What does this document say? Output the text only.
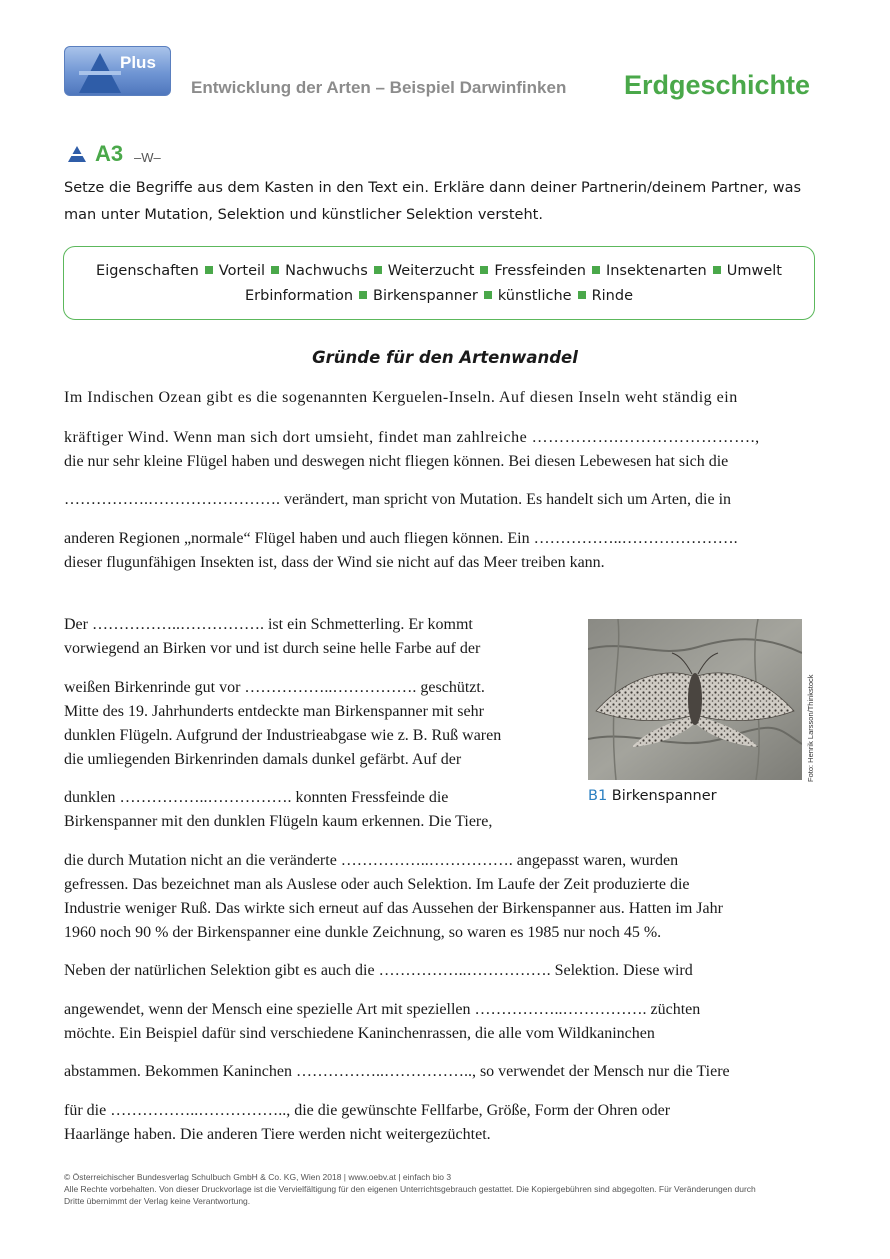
Plus
Entwicklung der Arten – Beispiel Darwinfinken Erdgeschichte
A3 –W–
Setze die Begriffe aus dem Kasten in den Text ein. Erkläre dann deiner Partnerin/deinem Partner, was
man unter Mutation, Selektion und künstlicher Selektion versteht.
Eigenschaften Vorteil Nachwuchs Weiterzucht Fressfeinden Insektenarten Umwelt
Erbinformation Birkenspanner künstliche Rinde
Gründe für den Artenwandel
Im Indischen Ozean gibt es die sogenannten Kerguelen-Inseln. Auf diesen Inseln weht ständig ein
kräftiger Wind. Wenn man sich dort umsieht, findet man zahlreiche …………….…………………….,
die nur sehr kleine Flügel haben und deswegen nicht fliegen können. Bei diesen Lebewesen hat sich die
…………….……………………. verändert, man spricht von Mutation. Es handelt sich um Arten, die in
anderen Regionen „normale“ Flügel haben und auch fliegen können. Ein ……………..………………….
dieser flugunfähigen Insekten ist, dass der Wind sie nicht auf das Meer treiben kann.
Der ……………..……………. ist ein Schmetterling. Er kommt
vorwiegend an Birken vor und ist durch seine helle Farbe auf der
weißen Birkenrinde gut vor ……………..……………. geschützt.
Mitte des 19. Jahrhunderts entdeckte man Birkenspanner mit sehr
dunklen Flügeln. Aufgrund der Industrieabgase wie z. B. Ruß waren
die umliegenden Birkenrinden damals dunkel gefärbt. Auf der
dunklen ……………..……………. konnten Fressfeinde die
Birkenspanner mit den dunklen Flügeln kaum erkennen. Die Tiere,
die durch Mutation nicht an die veränderte ……………..……………. angepasst waren, wurden
gefressen. Das bezeichnet man als Auslese oder auch Selektion. Im Laufe der Zeit produzierte die
Industrie weniger Ruß. Das wirkte sich erneut auf das Aussehen der Birkenspanner aus. Hatten im Jahr
1960 noch 90 % der Birkenspanner eine dunkle Zeichnung, so waren es 1985 nur noch 45 %.
Neben der natürlichen Selektion gibt es auch die ……………..……………. Selektion. Diese wird
angewendet, wenn der Mensch eine spezielle Art mit speziellen ……………..……………. züchten
möchte. Ein Beispiel dafür sind verschiedene Kaninchenrassen, die alle vom Wildkaninchen
abstammen. Bekommen Kaninchen ……………..…………….., so verwendet der Mensch nur die Tiere
für die ……………..…………….., die die gewünschte Fellfarbe, Größe, Form der Ohren oder
Haarlänge haben. Die anderen Tiere werden nicht weitergezüchtet.
Foto: Henrik Larsson/Thinkstock
B1 Birkenspanner
© Österreichischer Bundesverlag Schulbuch GmbH & Co. KG, Wien 2018 | www.oebv.at | einfach bio 3
Alle Rechte vorbehalten. Von dieser Druckvorlage ist die Vervielfältigung für den eigenen Unterrichtsgebrauch gestattet. Die Kopiergebühren sind abgegolten. Für Veränderungen durch
Dritte übernimmt der Verlag keine Verantwortung.
